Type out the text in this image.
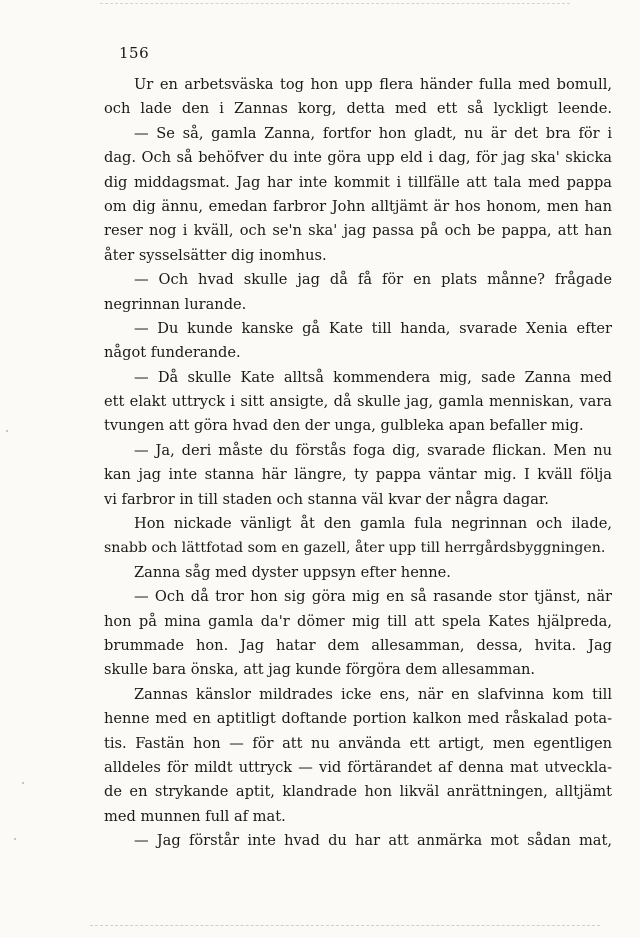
156
Ur en arbetsväska tog hon upp flera händer fulla med bomull,
och lade den i Zannas korg, detta med ett så lyckligt leende.
— Se så, gamla Zanna, fortfor hon gladt, nu är det bra för i
dag. Och så behöfver du inte göra upp eld i dag, för jag ska' skicka
dig middagsmat. Jag har inte kommit i tillfälle att tala med pappa
om dig ännu, emedan farbror John alltjämt är hos honom, men han
reser nog i kväll, och se'n ska' jag passa på och be pappa, att han
åter sysselsätter dig inomhus.
— Och hvad skulle jag då få för en plats månne? frågade
negrinnan lurande.
— Du kunde kanske gå Kate till handa, svarade Xenia efter
något funderande.
— Då skulle Kate alltså kommendera mig, sade Zanna med
ett elakt uttryck i sitt ansigte, då skulle jag, gamla menniskan, vara
tvungen att göra hvad den der unga, gulbleka apan befaller mig.
— Ja, deri måste du förstås foga dig, svarade flickan. Men nu
kan jag inte stanna här längre, ty pappa väntar mig. I kväll följa
vi farbror in till staden och stanna väl kvar der några dagar.
Hon nickade vänligt åt den gamla fula negrinnan och ilade,
snabb och lättfotad som en gazell, åter upp till herrgårdsbyggningen.
Zanna såg med dyster uppsyn efter henne.
— Och då tror hon sig göra mig en så rasande stor tjänst, när
hon på mina gamla da'r dömer mig till att spela Kates hjälpreda,
brummade hon. Jag hatar dem allesamman, dessa, hvita. Jag
skulle bara önska, att jag kunde förgöra dem allesamman.
Zannas känslor mildrades icke ens, när en slafvinna kom till
henne med en aptitligt doftande portion kalkon med råskalad pota-
tis. Fastän hon — för att nu använda ett artigt, men egentligen
alldeles för mildt uttryck — vid förtärandet af denna mat utveckla-
de en strykande aptit, klandrade hon likväl anrättningen, alltjämt
med munnen full af mat.
— Jag förstår inte hvad du har att anmärka mot sådan mat,
